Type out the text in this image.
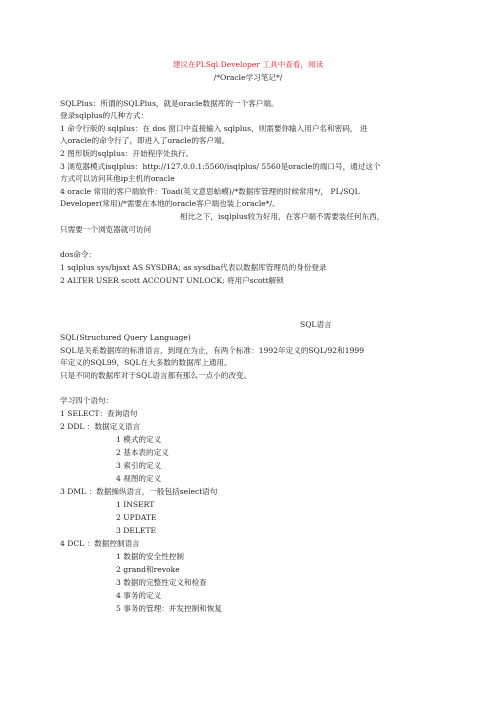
建议在PLSql Developer 工具中查看，阅读
/*Oracle学习笔记*/
SQLPlus：所谓的SQLPlus，就是oracle数据库的一个客户端。
登录sqlplus的几种方式：
1 命令行版的 sqlplus：在 dos 窗口中直接输入 sqlplus，则需要你输入用户名和密码， 进
入oracle的命令行了，即进入了oracle的客户端。
2 图形版的sqlplus：开始程序处执行。
3 浏览器模式isqlplus：http://127.0.0.1:5560/isqlplus/ 5560是oracle的端口号，通过这个
方式可以访问其他ip主机的oracle
4 oracle 常用的客户端软件：Toad(英文意思蛤蟆)/*数据库管理的时候常用*/， PL/SQL
Developer(常用)/*需要在本地的oracle客户端也装上oracle*/。
相比之下，isqlplus较为好用，在客户端不需要装任何东西，
只需要一个浏览器就可访问
dos命令：
1 sqlplus sys/bjsxt AS SYSDBA; as sysdba代表以数据库管理员的身份登录
2 ALTER USER scott ACCOUNT UNLOCK; 将用户scott解锁
SQL语言
SQL(Structured Query Language)
SQL是关系数据库的标准语言，到现在为止，有两个标准：1992年定义的SQL/92和1999
年定义的SQL99，SQL在大多数的数据库上通用。
只是不同的数据库对于SQL语言都有那么一点小的改变。
学习四个语句：
1 SELECT：查询语句
2 DDL ：数据定义语言
1 模式的定义
2 基本表的定义
3 索引的定义
4 视图的定义
3 DML ：数据操纵语言，一般包括select语句
1 INSERT
2 UPDATE
3 DELETE
4 DCL ：数据控制语言
1 数据的安全性控制
2 grand和revoke
3 数据的完整性定义和检查
4 事务的定义
5 事务的管理：并发控制和恢复
